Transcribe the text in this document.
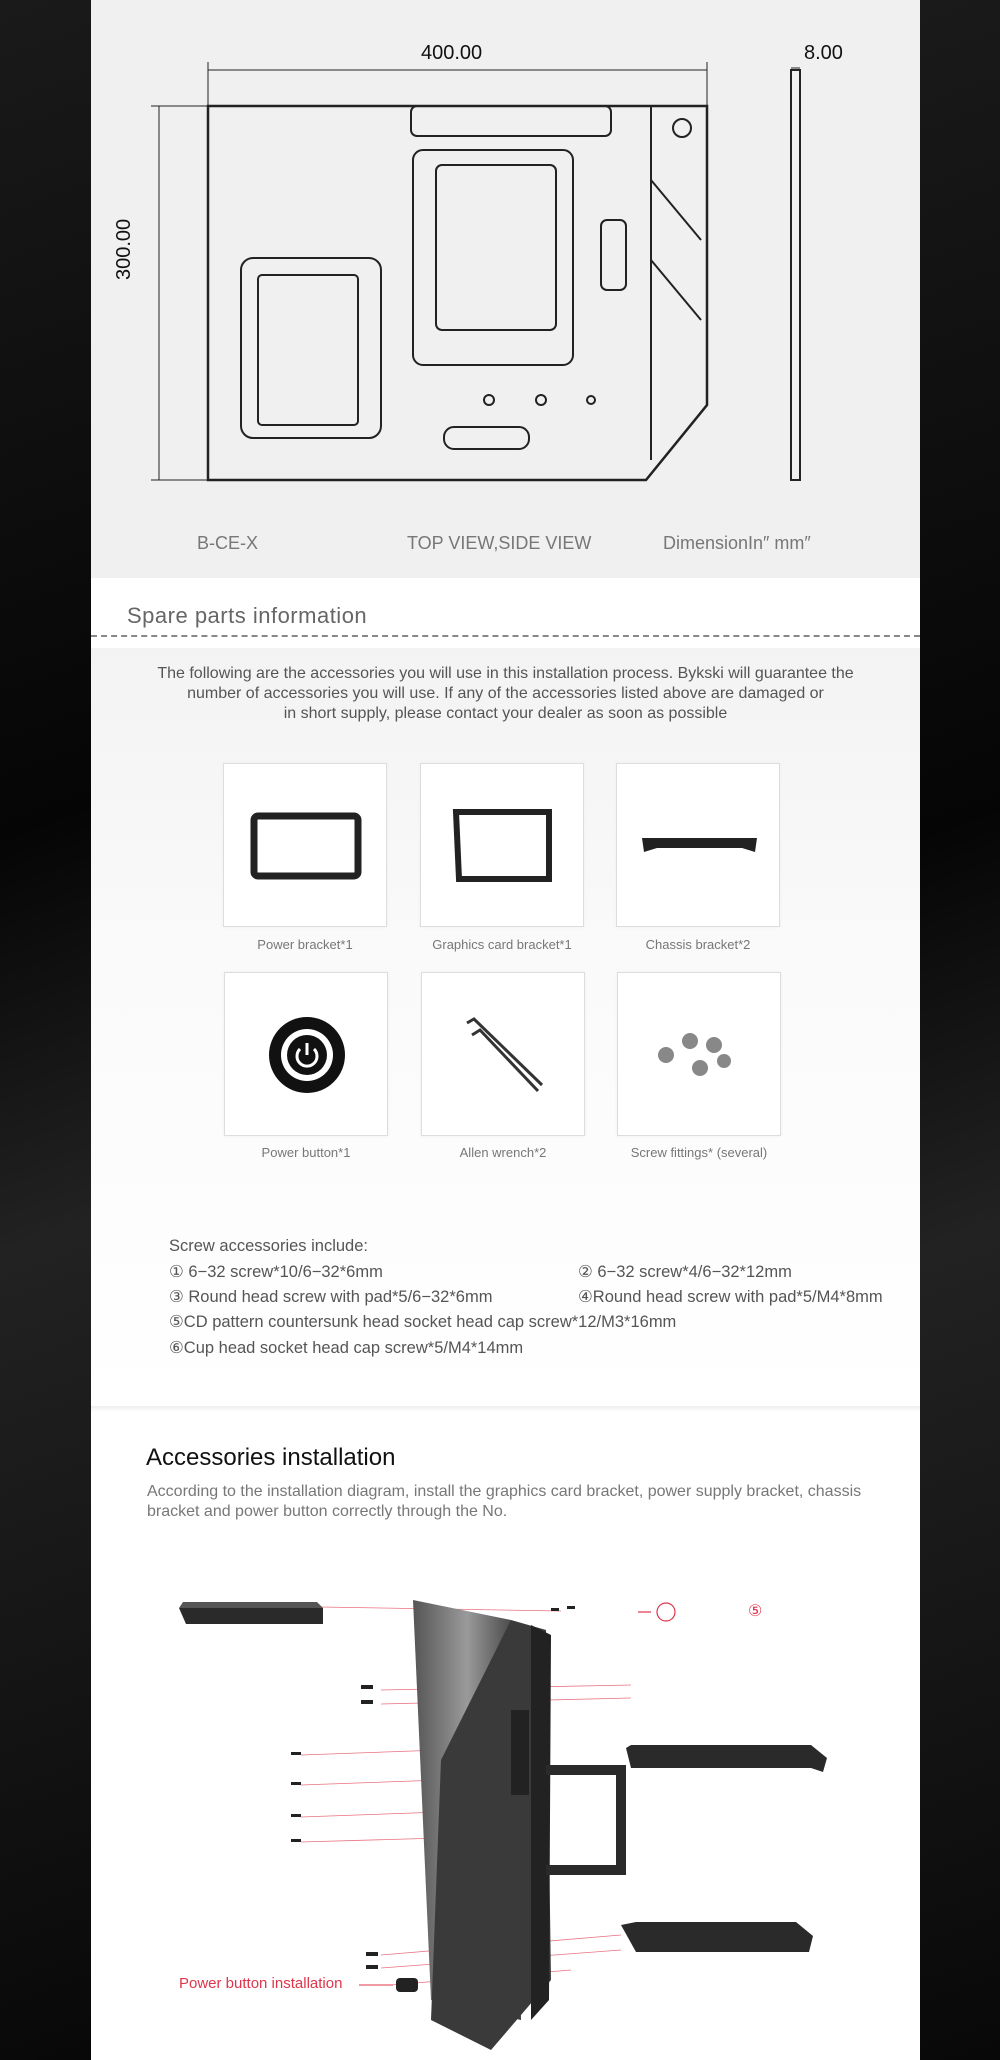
400.00	8.00
300.00
B-CE-X	TOP VIEW,SIDE VIEW	DimensionIn″ mm″
Spare parts information
The following are the accessories you will use in this installation process. Bykski will guarantee the
number of accessories you will use. If any of the accessories listed above are damaged or
in short supply, please contact your dealer as soon as possible
Power bracket*1	Graphics card bracket*1	Chassis bracket*2
Power button*1	Allen wrench*2	Screw fittings* (several)
Screw accessories include:
① 6−32 screw*10/6−32*6mm	② 6−32 screw*4/6−32*12mm
③ Round head screw with pad*5/6−32*6mm	④Round head screw with pad*5/M4*8mm
⑤CD pattern countersunk head socket head cap screw*12/M3*16mm
⑥Cup head socket head cap screw*5/M4*14mm
Accessories installation
According to the installation diagram, install the graphics card bracket, power supply bracket, chassis
bracket and power button correctly through the No.
⑤
Power button installation
